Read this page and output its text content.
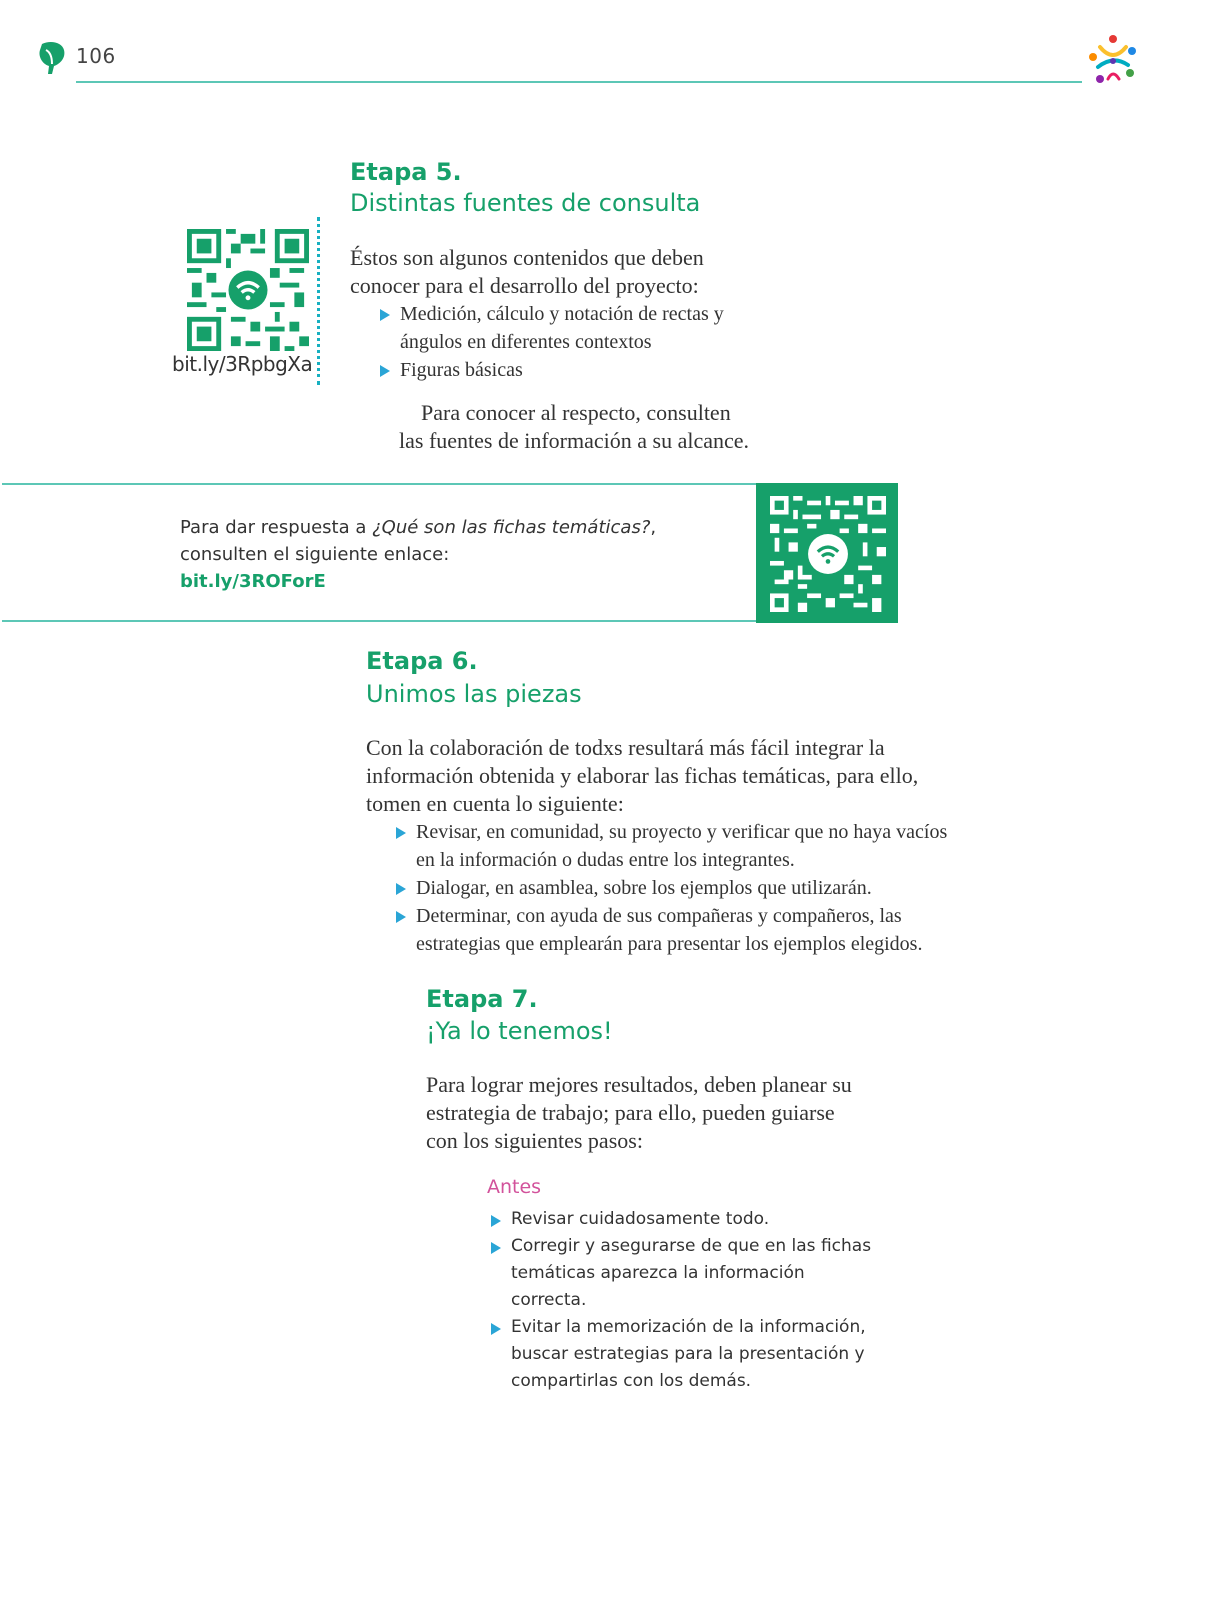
106
Etapa 5.
Distintas fuentes de consulta
bit.ly/3RpbgXa
Éstos son algunos contenidos que deben
conocer para el desarrollo del proyecto:
Medición, cálculo y notación de rectas y ángulos en diferentes contextos
Figuras básicas
Para conocer al respecto, consulten
las fuentes de información a su alcance.
Para dar respuesta a ¿Qué son las fichas temáticas?,
consulten el siguiente enlace:
bit.ly/3ROForE
Etapa 6.
Unimos las piezas
Con la colaboración de todxs resultará más fácil integrar la información obtenida y elaborar las fichas temáticas, para ello, tomen en cuenta lo siguiente:
Revisar, en comunidad, su proyecto y verificar que no haya vacíos en la información o dudas entre los integrantes.
Dialogar, en asamblea, sobre los ejemplos que utilizarán.
Determinar, con ayuda de sus compañeras y compañeros, las estrategias que emplearán para presentar los ejemplos elegidos.
Etapa 7.
¡Ya lo tenemos!
Para lograr mejores resultados, deben planear su estrategia de trabajo; para ello, pueden guiarse con los siguientes pasos:
Antes
Revisar cuidadosamente todo.
Corregir y asegurarse de que en las fichas temáticas aparezca la información correcta.
Evitar la memorización de la información, buscar estrategias para la presentación y compartirlas con los demás.
